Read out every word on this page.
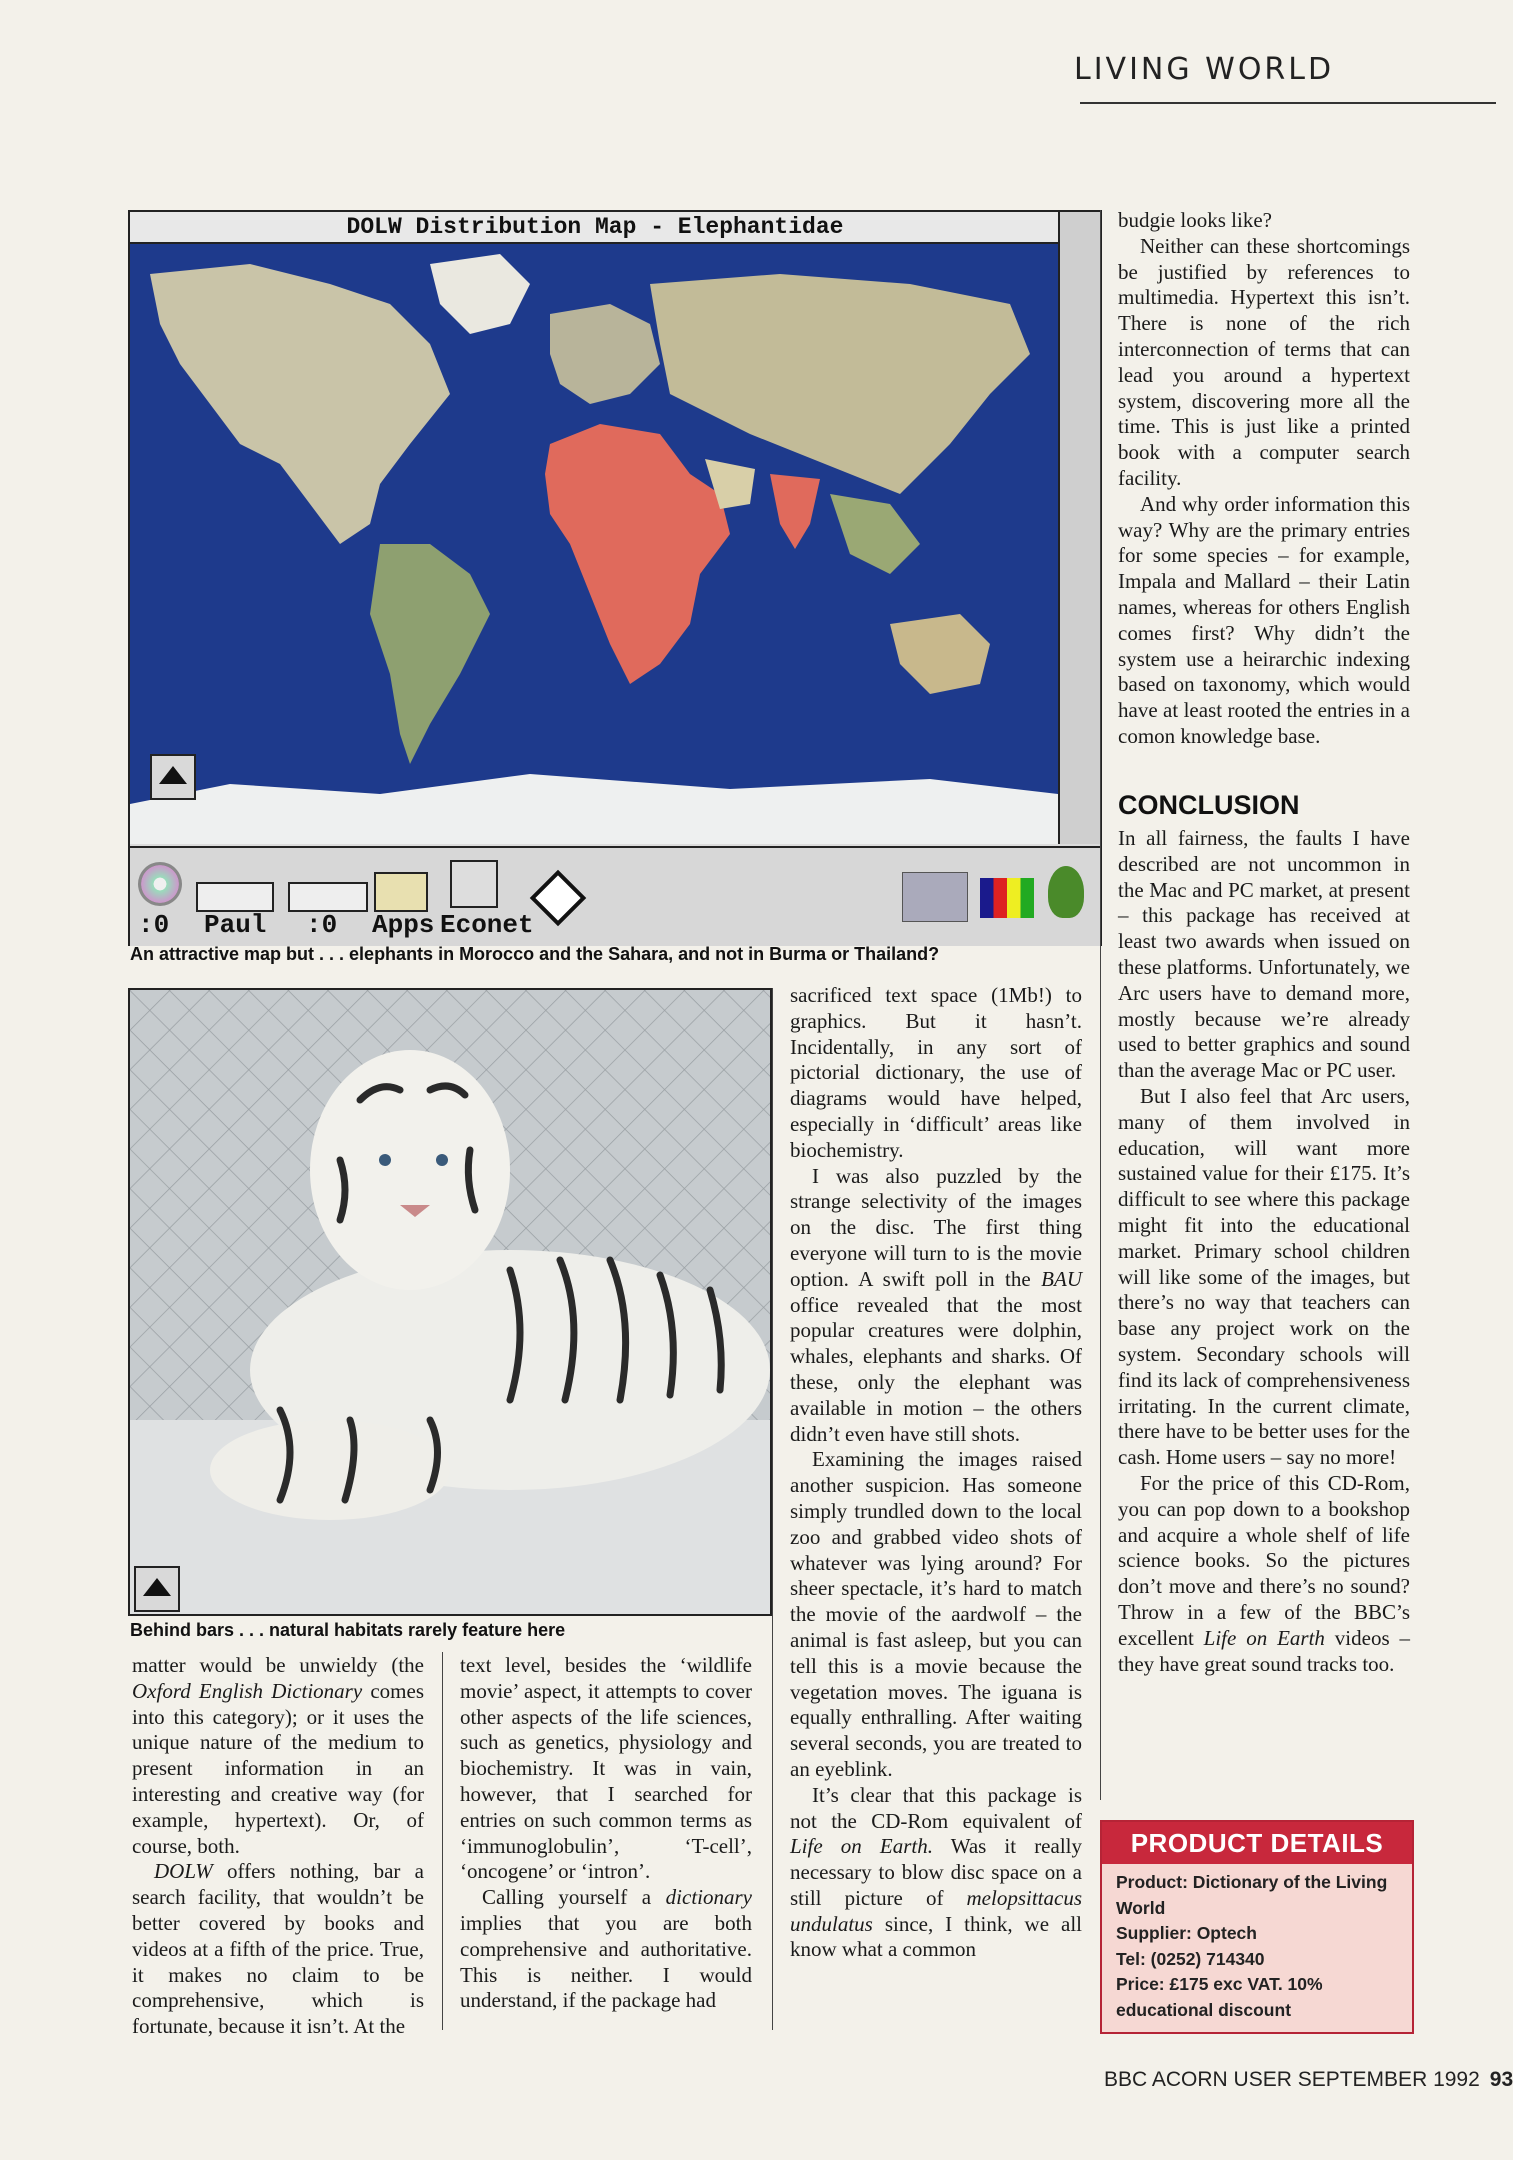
LIVING WORLD
DOLW Distribution Map - Elephantidae
:0 Paul :0 Apps Econet
An attractive map but . . . elephants in Morocco and the Sahara, and not in Burma or Thailand?
Behind bars . . . natural habitats rarely feature here

matter would be unwieldy (the Oxford English Dictionary comes into this category); or it uses the unique nature of the medium to present information in an interesting and creative way (for example, hypertext). Or, of course, both.

DOLW offers nothing, bar a search facility, that wouldn’t be better covered by books and videos at a fifth of the price. True, it makes no claim to be comprehensive, which is fortunate, because it isn’t. At the

text level, besides the ‘wildlife movie’ aspect, it attempts to cover other aspects of the life sciences, such as genetics, physiology and biochemistry. It was in vain, however, that I searched for entries on such common terms as ‘immunoglobulin’, ‘T-cell’, ‘oncogene’ or ‘intron’.

Calling yourself a dictionary implies that you are both comprehensive and authoritative. This is neither. I would understand, if the package had

sacrificed text space (1Mb!) to graphics. But it hasn’t. Incidentally, in any sort of pictorial dictionary, the use of diagrams would have helped, especially in ‘difficult’ areas like biochemistry.

I was also puzzled by the strange selectivity of the images on the disc. The first thing everyone will turn to is the movie option. A swift poll in the BAU office revealed that the most popular creatures were dolphin, whales, elephants and sharks. Of these, only the elephant was available in motion – the others didn’t even have still shots.

Examining the images raised another suspicion. Has someone simply trundled down to the local zoo and grabbed video shots of whatever was lying around? For sheer spectacle, it’s hard to match the movie of the aardwolf – the animal is fast asleep, but you can tell this is a movie because the vegetation moves. The iguana is equally enthralling. After waiting several seconds, you are treated to an eyeblink.

It’s clear that this package is not the CD-Rom equivalent of Life on Earth. Was it really necessary to blow disc space on a still picture of melopsittacus undulatus since, I think, we all know what a common

budgie looks like?

Neither can these shortcomings be justified by references to multimedia. Hypertext this isn’t. There is none of the rich interconnection of terms that can lead you around a hypertext system, discovering more all the time. This is just like a printed book with a computer search facility.

And why order information this way? Why are the primary entries for some species – for example, Impala and Mallard – their Latin names, whereas for others English comes first? Why didn’t the system use a heirarchic indexing based on taxonomy, which would have at least rooted the entries in a comon knowledge base.

CONCLUSION

In all fairness, the faults I have described are not uncommon in the Mac and PC market, at present – this package has received at least two awards when issued on these platforms. Unfortunately, we Arc users have to demand more, mostly because we’re already used to better graphics and sound than the average Mac or PC user.

But I also feel that Arc users, many of them involved in education, will want more sustained value for their £175. It’s difficult to see where this package might fit into the educational market. Primary school children will like some of the images, but there’s no way that teachers can base any project work on the system. Secondary schools will find its lack of comprehensiveness irritating. In the current climate, there have to be better uses for the cash. Home users – say no more!

For the price of this CD-Rom, you can pop down to a bookshop and acquire a whole shelf of life science books. So the pictures don’t move and there’s no sound? Throw in a few of the BBC’s excellent Life on Earth videos – they have great sound tracks too.

PRODUCT DETAILS
Product: Dictionary of the Living World
Supplier: Optech
Tel: (0252) 714340
Price: £175 exc VAT. 10% educational discount
BBC ACORN USER SEPTEMBER 1992 93
